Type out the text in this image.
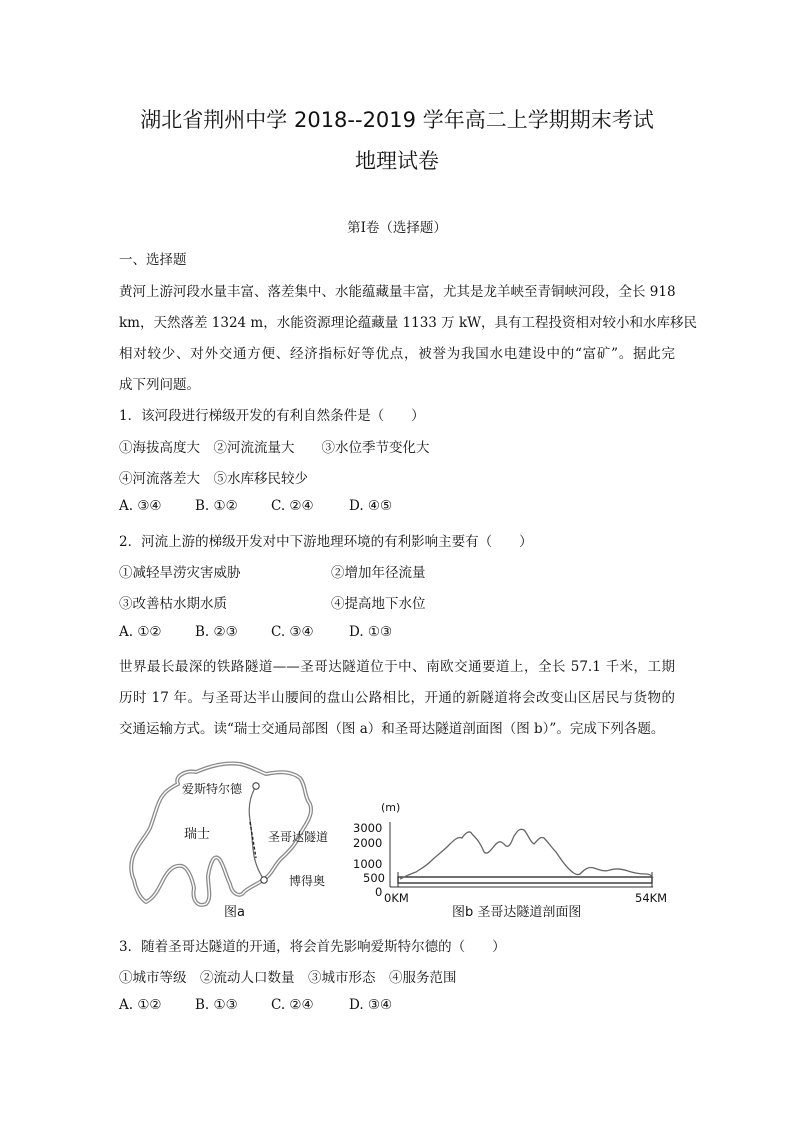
湖北省荆州中学 2018--2019 学年高二上学期期末考试
地理试卷
第Ⅰ卷（选择题）
一、选择题
黄河上游河段水量丰富、落差集中、水能蕴藏量丰富，尤其是龙羊峡至青铜峡河段，全长 918
km，天然落差 1324 m，水能资源理论蕴藏量 1133 万 kW，具有工程投资相对较小和水库移民
相对较少、对外交通方便、经济指标好等优点，被誉为我国水电建设中的“富矿”。据此完
成下列问题。
1．该河段进行梯级开发的有利自然条件是（　　）
①海拔高度大　②河流流量大　　③水位季节变化大
④河流落差大　⑤水库移民较少
A. ③④ B. ①② C. ②④	D. ④⑤
2．河流上游的梯级开发对中下游地理环境的有利影响主要有（　　）
①减轻旱涝灾害威胁	②增加年径流量
③改善枯水期水质	④提高地下水位
A. ①② B. ②③ C. ③④	D. ①③
世界最长最深的铁路隧道——圣哥达隧道位于中、南欧交通要道上，全长 57.1 千米，工期
历时 17 年。与圣哥达半山腰间的盘山公路相比，开通的新隧道将会改变山区居民与货物的
交通运输方式。读“瑞士交通局部图（图 a）和圣哥达隧道剖面图（图 b）”。完成下列各题。
爱斯特尔德
瑞士	圣哥达隧道
博得奥
图a
(m)
3000
2000
1000
500
0 0KM	54KM
图b 圣哥达隧道剖面图
3．随着圣哥达隧道的开通，将会首先影响爱斯特尔德的（　　）
①城市等级　②流动人口数量　③城市形态　④服务范围
A. ①② B. ①③ C. ②④	D. ③④
